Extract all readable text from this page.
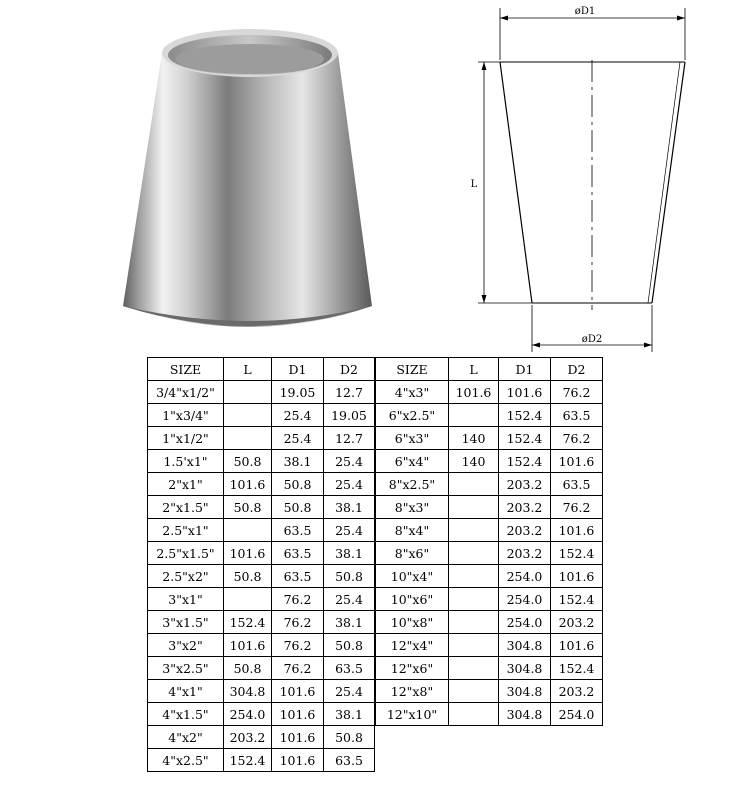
øD1
L
øD2
SIZE	L	D1	D2
3/4"x1/2"		19.05	12.7
1"x3/4"		25.4	19.05
1"x1/2"		25.4	12.7
1.5'x1"	50.8	38.1	25.4
2"x1"	101.6	50.8	25.4
2"x1.5"	50.8	50.8	38.1
2.5"x1"		63.5	25.4
2.5"x1.5"	101.6	63.5	38.1
2.5"x2"	50.8	63.5	50.8
3"x1"		76.2	25.4
3"x1.5"	152.4	76.2	38.1
3"x2"	101.6	76.2	50.8
3"x2.5"	50.8	76.2	63.5
4"x1"	304.8	101.6	25.4
4"x1.5"	254.0	101.6	38.1
4"x2"	203.2	101.6	50.8
4"x2.5"	152.4	101.6	63.5
SIZE	L	D1	D2
4"x3"	101.6	101.6	76.2
6"x2.5"		152.4	63.5
6"x3"	140	152.4	76.2
6"x4"	140	152.4	101.6
8"x2.5"		203.2	63.5
8"x3"		203.2	76.2
8"x4"		203.2	101.6
8"x6"		203.2	152.4
10"x4"		254.0	101.6
10"x6"		254.0	152.4
10"x8"		254.0	203.2
12"x4"		304.8	101.6
12"x6"		304.8	152.4
12"x8"		304.8	203.2
12"x10"		304.8	254.0
